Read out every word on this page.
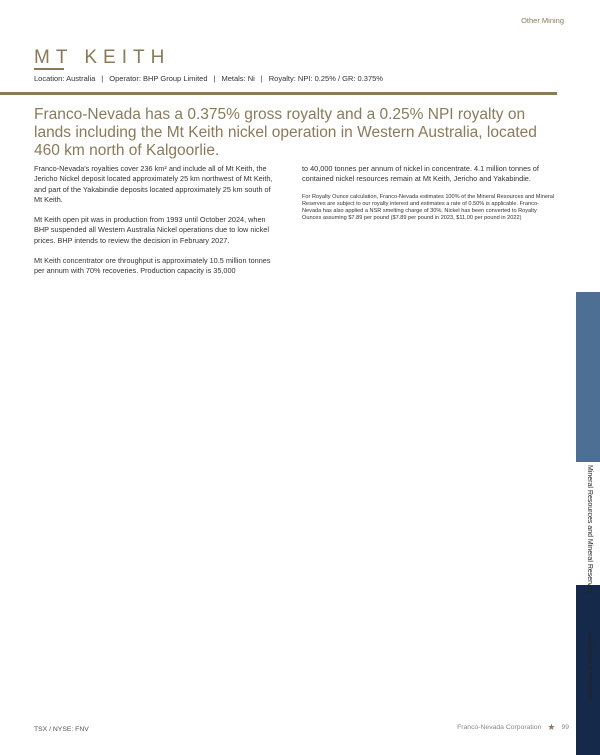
Other Mining
MT KEITH
Location: Australia | Operator: BHP Group Limited | Metals: Ni | Royalty: NPI: 0.25% / GR: 0.375%

Franco-Nevada has a 0.375% gross royalty and a 0.25% NPI royalty on lands including the Mt Keith nickel operation in Western Australia, located 460 km north of Kalgoorlie.

Franco-Nevada's royalties cover 236 km² and include all of Mt Keith, the Jericho Nickel deposit located approximately 25 km northwest of Mt Keith, and part of the Yakabindie deposits located approximately 25 km south of Mt Keith.

Mt Keith open pit was in production from 1993 until October 2024, when BHP suspended all Western Australia Nickel operations due to low nickel prices. BHP intends to review the decision in February 2027.

Mt Keith concentrator ore throughput is approximately 10.5 million tonnes per annum with 70% recoveries. Production capacity is 35,000

to 40,000 tonnes per annum of nickel in concentrate. 4.1 million tonnes of contained nickel resources remain at Mt Keith, Jericho and Yakabindie.

For Royalty Ounce calculation, Franco-Nevada estimates 100% of the Mineral Resources and Mineral Reserves are subject to our royalty interest and estimates a rate of 0.50% is applicable. Franco-Nevada has also applied a NSR smelting charge of 30%. Nickel has been converted to Royalty Ounces assuming $7.89 per pound ($7.89 per pound in 2023, $11.00 per pound in 2022)

Mineral Resources and Mineral Reserves
Additional Information
TSX / NYSE: FNV	Franco-Nevada Corporation ★ 99
